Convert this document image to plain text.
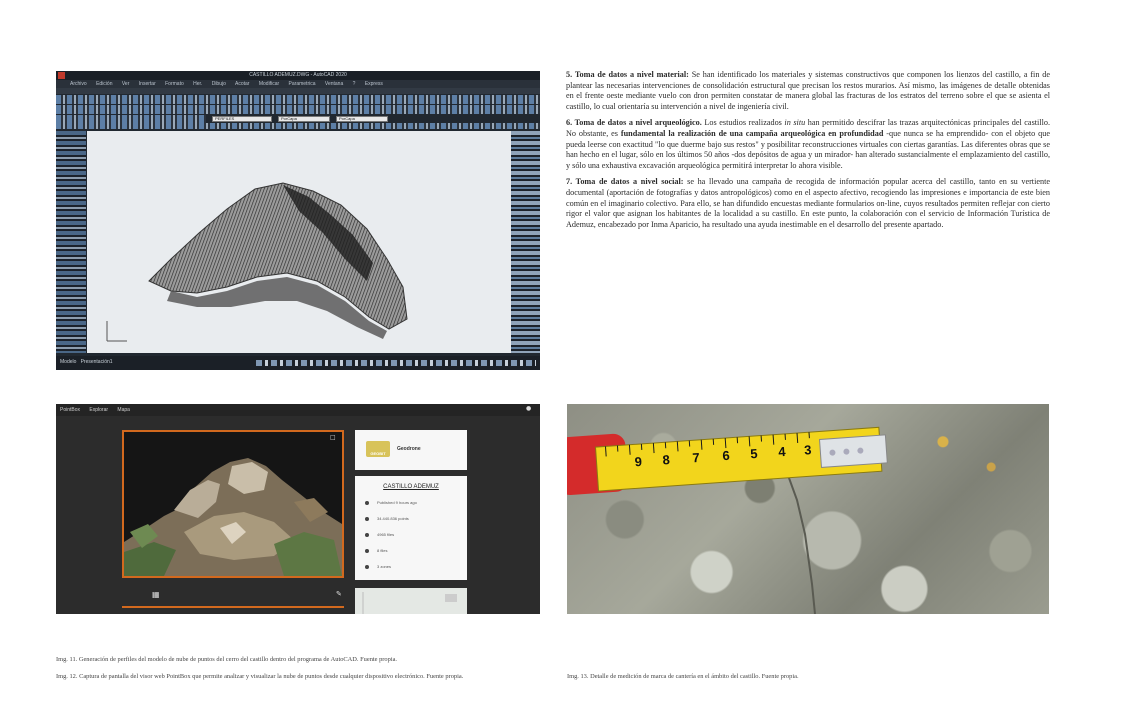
CASTILLO ADEMUZ.DWG - AutoCAD 2020
Archivo Edición Ver Insertar Formato Her. Dibujo Acotar Modificar Parametrica Ventana ? Express
PERFILES	PorCapa	PorCapa
Modelo Presentación1

5. Toma de datos a nivel material: Se han identificado los materiales y sistemas constructivos que componen los lienzos del castillo, a fin de plantear las necesarias intervenciones de consolidación estructural que precisan los restos murarios. Así mismo, las imágenes de detalle obtenidas en el frente oeste mediante vuelo con dron permiten constatar de manera global las fracturas de los estratos del terreno sobre el que se asienta el castillo, lo cual orientaría su intervención a nivel de ingeniería civil.

6. Toma de datos a nivel arqueológico. Los estudios realizados in situ han permitido descifrar las trazas arquitectónicas principales del castillo. No obstante, es fundamental la realización de una campaña arqueológica en profundidad -que nunca se ha emprendido- con el objeto que pueda leerse con exactitud "lo que duerme bajo sus restos" y posibilitar reconstrucciones virtuales con ciertas garantías. Las diferentes obras que se han hecho en el lugar, sólo en los últimos 50 años -dos depósitos de agua y un mirador- han alterado sustancialmente el emplazamiento del castillo, y sólo una exhaustiva excavación arqueológica permitirá interpretar lo ahora visible.

7. Toma de datos a nivel social: se ha llevado una campaña de recogida de información popular acerca del castillo, tanto en su vertiente documental (aportación de fotografías y datos antropológicos) como en el aspecto afectivo, recogiendo las impresiones e importancia de este bien común en el imaginario colectivo. Para ello, se han difundido encuestas mediante formularios on-line, cuyos resultados permiten reflejar con cierto rigor el valor que asignan los habitantes de la localidad a su castillo. En este punto, la colaboración con el servicio de Información Turística de Ademuz, encabezado por Inma Aparicio, ha resultado una ayuda inestimable en el desarrollo del presente apartado.

PointBox Explorar Mapa	●
□
▦	✎
GEOBIT
Geodrone
CASTILLO ADEMUZ
Published 9 hours ago
34.440.836 points
4965 files
8 files
3 zones
9 8 7 6 5 4 3
Img. 11. Generación de perfiles del modelo de nube de puntos del cerro del castillo dentro del programa de AutoCAD. Fuente propia.
Img. 12. Captura de pantalla del visor web PointBox que permite analizar y visualizar la nube de puntos desde cualquier dispositivo electrónico. Fuente propia.	Img. 13. Detalle de medición de marca de cantería en el ámbito del castillo. Fuente propia.
